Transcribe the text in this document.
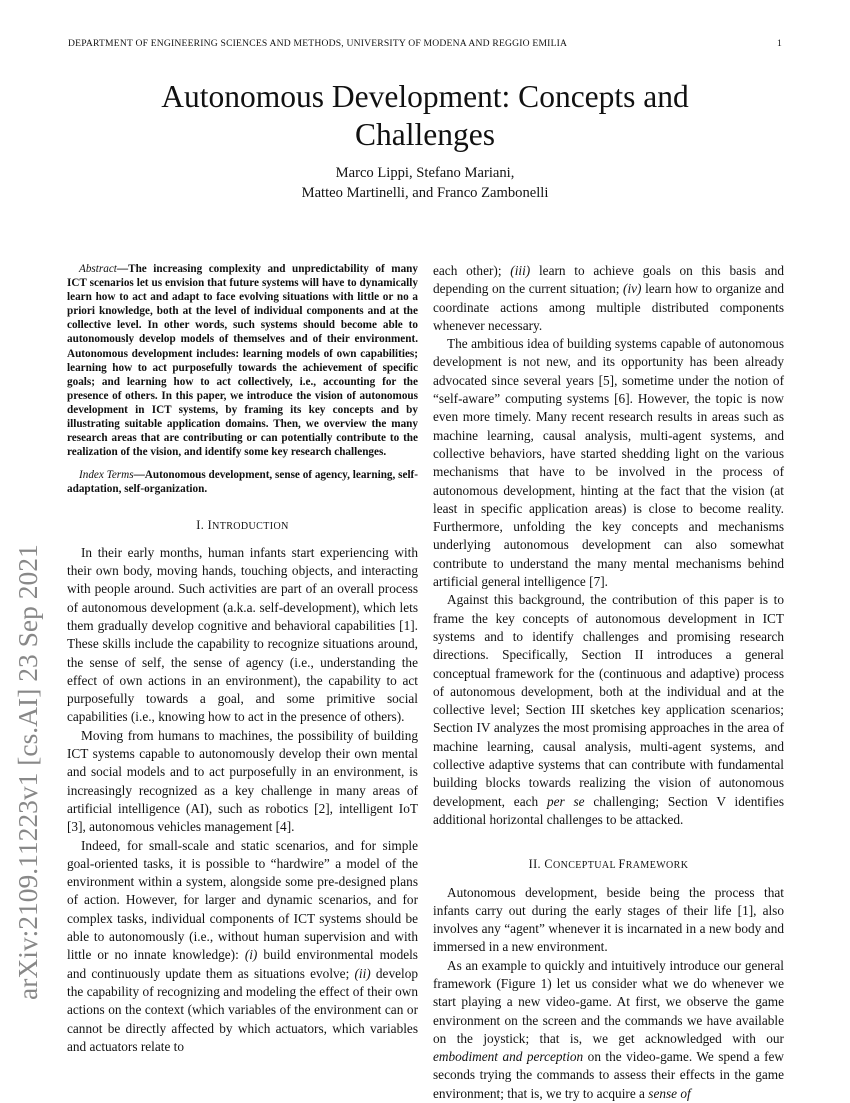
DEPARTMENT OF ENGINEERING SCIENCES AND METHODS, UNIVERSITY OF MODENA AND REGGIO EMILIA	1
arXiv:2109.11223v1 [cs.AI] 23 Sep 2021
Autonomous Development: Concepts and
Challenges
Marco Lippi, Stefano Mariani,
Matteo Martinelli, and Franco Zambonelli

Abstract—The increasing complexity and unpredictability of many ICT scenarios let us envision that future systems will have to dynamically learn how to act and adapt to face evolving situations with little or no a priori knowledge, both at the level of individual components and at the collective level. In other words, such systems should become able to autonomously develop models of themselves and of their environment. Autonomous development includes: learning models of own capabilities; learning how to act purposefully towards the achievement of specific goals; and learning how to act collectively, i.e., accounting for the presence of others. In this paper, we introduce the vision of autonomous development in ICT systems, by framing its key concepts and by illustrating suitable application domains. Then, we overview the many research areas that are contributing or can potentially contribute to the realization of the vision, and identify some key research challenges.

Index Terms—Autonomous development, sense of agency, learning, self-adaptation, self-organization.

I. INTRODUCTION

In their early months, human infants start experiencing with their own body, moving hands, touching objects, and interacting with people around. Such activities are part of an overall process of autonomous development (a.k.a. self-development), which lets them gradually develop cognitive and behavioral capabilities [1]. These skills include the capability to recognize situations around, the sense of self, the sense of agency (i.e., understanding the effect of own actions in an environment), the capability to act purposefully towards a goal, and some primitive social capabilities (i.e., knowing how to act in the presence of others).

Moving from humans to machines, the possibility of building ICT systems capable to autonomously develop their own mental and social models and to act purposefully in an environment, is increasingly recognized as a key challenge in many areas of artificial intelligence (AI), such as robotics [2], intelligent IoT [3], autonomous vehicles management [4].

Indeed, for small-scale and static scenarios, and for simple goal-oriented tasks, it is possible to “hardwire” a model of the environment within a system, alongside some pre-designed plans of action. However, for larger and dynamic scenarios, and for complex tasks, individual components of ICT systems should be able to autonomously (i.e., without human supervision and with little or no innate knowledge): (i) build environmental models and continuously update them as situations evolve; (ii) develop the capability of recognizing and modeling the effect of their own actions on the context (which variables of the environment can or cannot be directly affected by which actuators, which variables and actuators relate to

each other); (iii) learn to achieve goals on this basis and depending on the current situation; (iv) learn how to organize and coordinate actions among multiple distributed components whenever necessary.

The ambitious idea of building systems capable of autonomous development is not new, and its opportunity has been already advocated since several years [5], sometime under the notion of “self-aware” computing systems [6]. However, the topic is now even more timely. Many recent research results in areas such as machine learning, causal analysis, multi-agent systems, and collective behaviors, have started shedding light on the various mechanisms that have to be involved in the process of autonomous development, hinting at the fact that the vision (at least in specific application areas) is close to become reality. Furthermore, unfolding the key concepts and mechanisms underlying autonomous development can also somewhat contribute to understand the many mental mechanisms behind artificial general intelligence [7].

Against this background, the contribution of this paper is to frame the key concepts of autonomous development in ICT systems and to identify challenges and promising research directions. Specifically, Section II introduces a general conceptual framework for the (continuous and adaptive) process of autonomous development, both at the individual and at the collective level; Section III sketches key application scenarios; Section IV analyzes the most promising approaches in the area of machine learning, causal analysis, multi-agent systems, and collective adaptive systems that can contribute with fundamental building blocks towards realizing the vision of autonomous development, each per se challenging; Section V identifies additional horizontal challenges to be attacked.

II. CONCEPTUAL FRAMEWORK

Autonomous development, beside being the process that infants carry out during the early stages of their life [1], also involves any “agent” whenever it is incarnated in a new body and immersed in a new environment.

As an example to quickly and intuitively introduce our general framework (Figure 1) let us consider what we do whenever we start playing a new video-game. At first, we observe the game environment on the screen and the commands we have available on the joystick; that is, we get acknowledged with our embodiment and perception on the video-game. We spend a few seconds trying the commands to assess their effects in the game environment; that is, we try to acquire a sense of
